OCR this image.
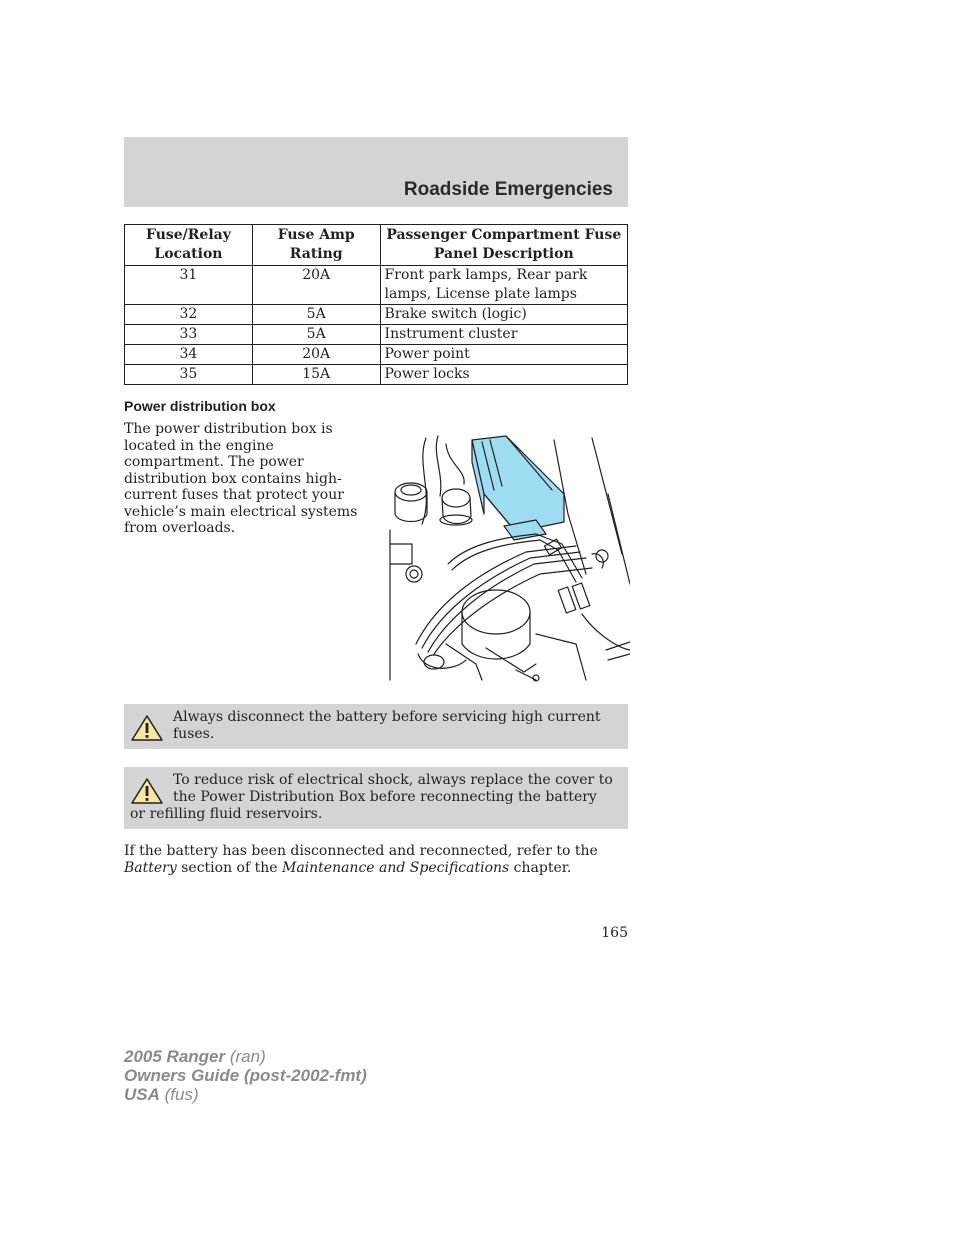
Roadside Emergencies
Fuse/Relay Location	Fuse Amp Rating	Passenger Compartment Fuse Panel Description
31	20A	Front park lamps, Rear park lamps, License plate lamps
32	5A	Brake switch (logic)
33	5A	Instrument cluster
34	20A	Power point
35	15A	Power locks
Power distribution box
The power distribution box is located in the engine compartment. The power distribution box contains high-current fuses that protect your vehicle’s main electrical systems from overloads.
Always disconnect the battery before servicing high current fuses.
To reduce risk of electrical shock, always replace the cover to the Power Distribution Box before reconnecting the battery or refilling fluid reservoirs.
If the battery has been disconnected and reconnected, refer to the
Battery section of the Maintenance and Specifications chapter.
165
2005 Ranger (ran)
Owners Guide (post-2002-fmt)
USA (fus)
